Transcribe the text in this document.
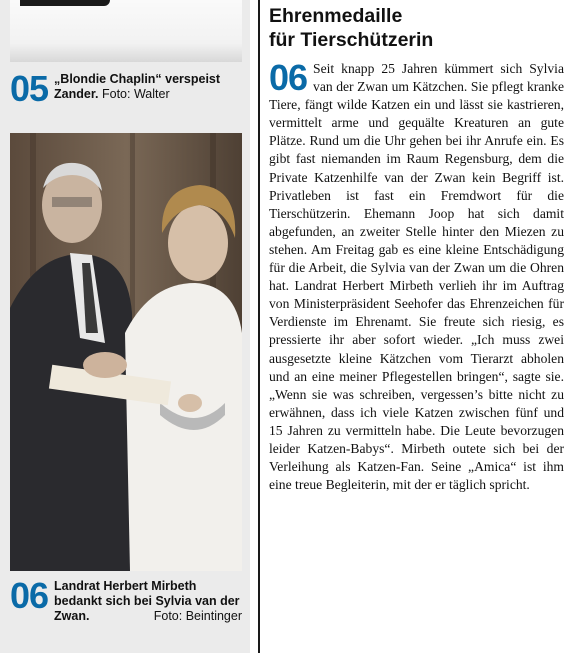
05 „Blondie Chaplin“ verspeist Zander. Foto: Walter
06 Landrat Herbert Mirbeth bedankt sich bei Sylvia van der Zwan.	Foto: Beintinger
Ehrenmedaille
für Tierschützerin
06 Seit knapp 25 Jahren kümmert sich Sylvia van der Zwan um Kätzchen. Sie pflegt kranke Tiere, fängt wilde Katzen ein und lässt sie kastrieren, vermittelt arme und gequälte Kreaturen an gute Plätze. Rund um die Uhr gehen bei ihr Anrufe ein. Es gibt fast niemanden im Raum Regensburg, dem die Private Katzenhilfe van der Zwan kein Begriff ist. Privatleben ist fast ein Fremdwort für die Tierschützerin. Ehemann Joop hat sich damit abgefunden, an zweiter Stelle hinter den Miezen zu stehen. Am Freitag gab es eine kleine Entschädigung für die Arbeit, die Sylvia van der Zwan um die Ohren hat. Landrat Herbert Mirbeth verlieh ihr im Auftrag von Ministerpräsident Seehofer das Ehrenzeichen für Verdienste im Ehrenamt. Sie freute sich riesig, es pressierte ihr aber sofort wieder. „Ich muss zwei ausgesetzte kleine Kätzchen vom Tierarzt abholen und an eine meiner Pflegestellen bringen“, sagte sie. „Wenn sie was schreiben, vergessen’s bitte nicht zu erwähnen, dass ich viele Katzen zwischen fünf und 15 Jahren zu vermitteln habe. Die Leute bevorzugen leider Katzen-Babys“. Mirbeth outete sich bei der Verleihung als Katzen-Fan. Seine „Amica“ ist ihm eine treue Begleiterin, mit der er täglich spricht.
